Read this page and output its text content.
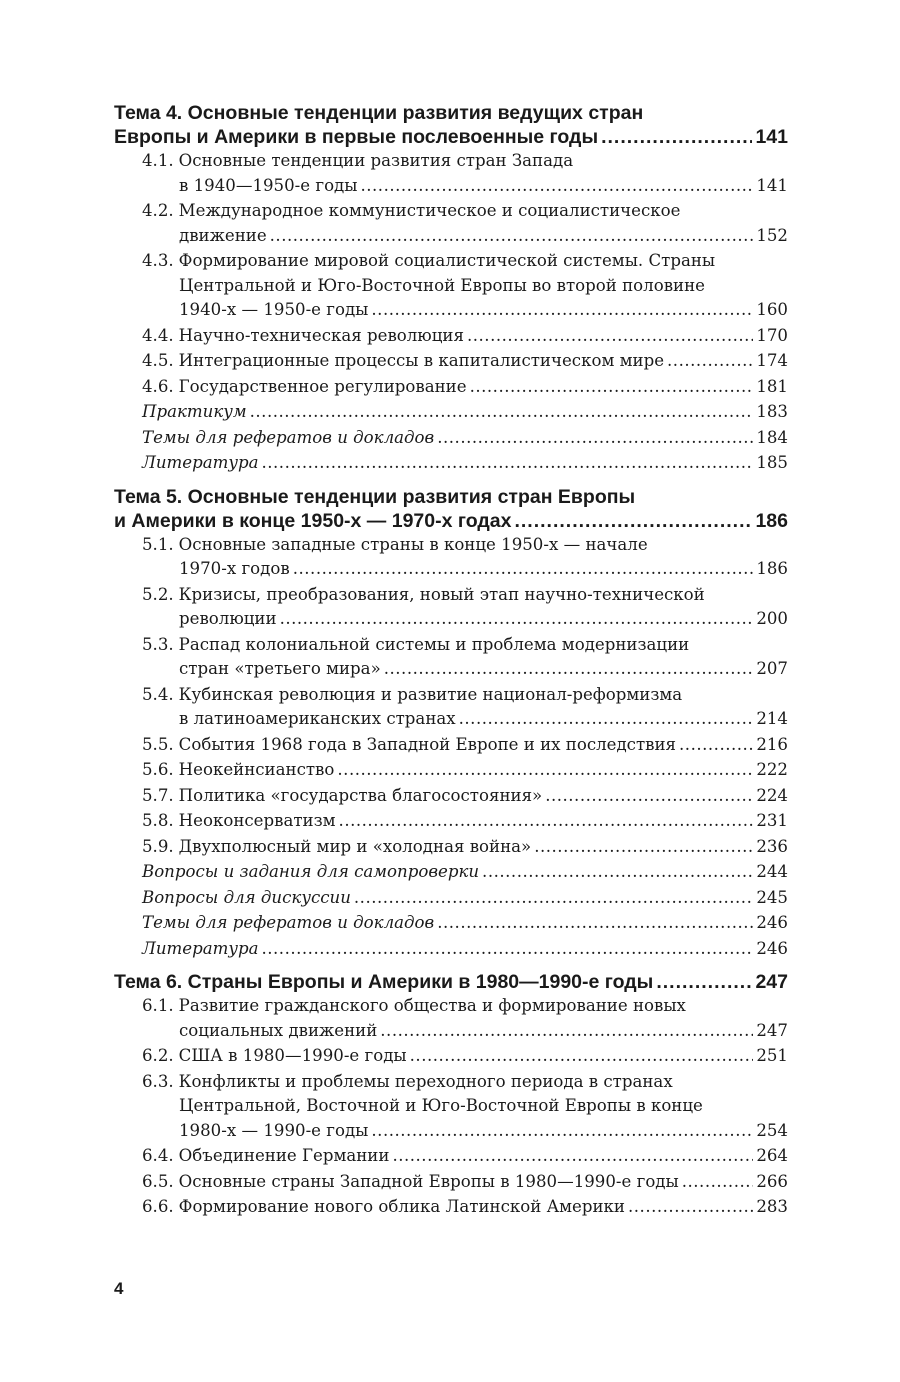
Тема 4. Основные тенденции развития ведущих стран
Европы и Америки в первые послевоенные годы .....	141
4.1. Основные тенденции развития стран Запада
в 1940—1950-е годы .....	141
4.2. Международное коммунистическое и социалистическое
движение .....	152
4.3. Формирование мировой социалистической системы. Страны
Центральной и Юго-Восточной Европы во второй половине
1940-х — 1950-е годы .....	160
4.4. Научно-техническая революция .....	170
4.5. Интеграционные процессы в капиталистическом мире .....	174
4.6. Государственное регулирование .....	181
Практикум .....	183
Темы для рефератов и докладов .....	184
Литература .....	185
Тема 5. Основные тенденции развития стран Европы
и Америки в конце 1950-х — 1970-х годах .....	186
5.1. Основные западные страны в конце 1950-х — начале
1970-х годов .....	186
5.2. Кризисы, преобразования, новый этап научно-технической
революции .....	200
5.3. Распад колониальной системы и проблема модернизации
стран «третьего мира» .....	207
5.4. Кубинская революция и развитие национал-реформизма
в латиноамериканских странах .....	214
5.5. События 1968 года в Западной Европе и их последствия .....	216
5.6. Неокейнсианство .....	222
5.7. Политика «государства благосостояния» .....	224
5.8. Неоконсерватизм .....	231
5.9. Двухполюсный мир и «холодная война» .....	236
Вопросы и задания для самопроверки .....	244
Вопросы для дискуссии .....	245
Темы для рефератов и докладов .....	246
Литература .....	246
Тема 6. Страны Европы и Америки в 1980—1990-е годы .....	247
6.1. Развитие гражданского общества и формирование новых
социальных движений .....	247
6.2. США в 1980—1990-е годы .....	251
6.3. Конфликты и проблемы переходного периода в странах
Центральной, Восточной и Юго-Восточной Европы в конце
1980-х — 1990-е годы .....	254
6.4. Объединение Германии .....	264
6.5. Основные страны Западной Европы в 1980—1990-е годы .....	266
6.6. Формирование нового облика Латинской Америки .....	283
4
